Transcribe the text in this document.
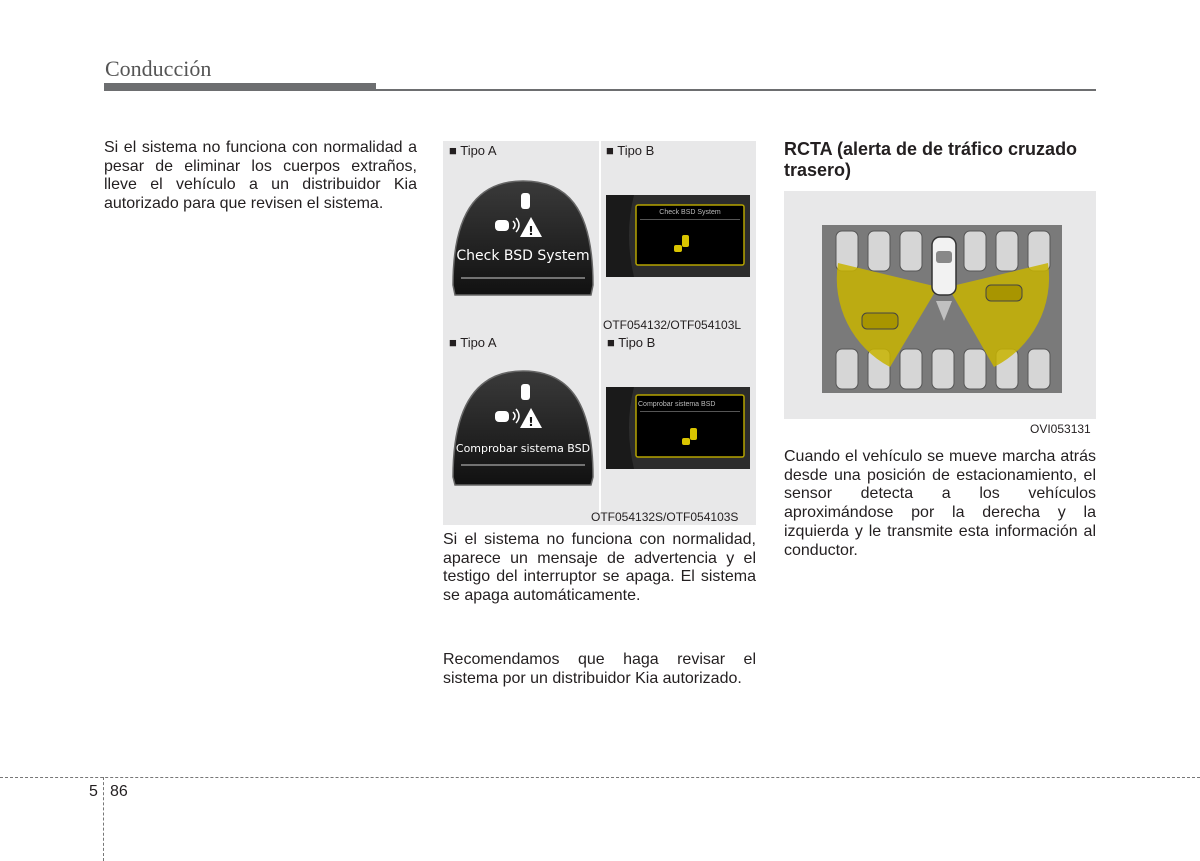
Conducción
Si el sistema no funciona con normalidad a pesar de eliminar los cuerpos extraños, lleve el vehículo a un distribuidor Kia autorizado para que revisen el sistema.
■ Tipo A	■ Tipo B
!
Check BSD System
Check BSD System
OTF054132/OTF054103L
■ Tipo A	■ Tipo B
!
Comprobar sistema BSD
Comprobar sistema BSD
OTF054132S/OTF054103S
Si el sistema no funciona con normalidad, aparece un mensaje de advertencia y el testigo del interruptor se apaga. El sistema se apaga automáticamente.
Recomendamos que haga revisar el sistema por un distribuidor Kia autorizado.
RCTA (alerta de de tráfico cruzado trasero)
OVI053131
Cuando el vehículo se mueve marcha atrás desde una posición de estacionamiento, el sensor detecta a los vehículos aproximándose por la derecha y la izquierda y le transmite esta información al conductor.
5 86
